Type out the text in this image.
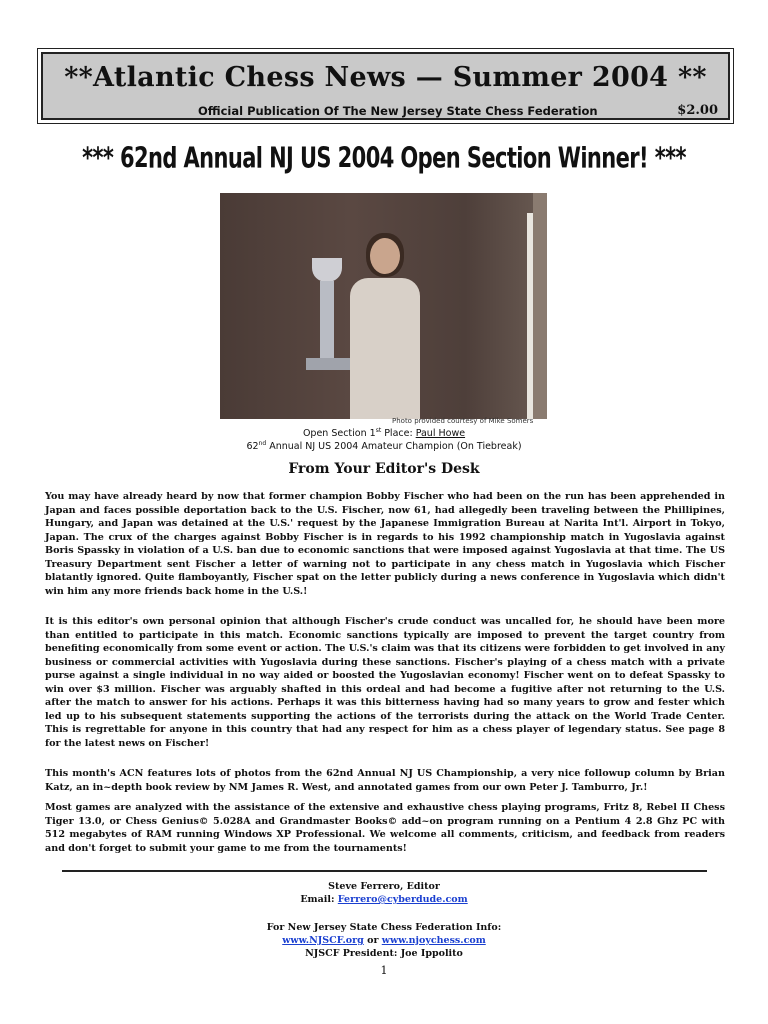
**Atlantic Chess News — Summer 2004 **
Official Publication Of The New Jersey State Chess Federation	$2.00
*** 62nd Annual NJ US 2004 Open Section Winner! ***
Photo provided courtesy of Mike Somers
Open Section 1st Place: Paul Howe
62nd Annual NJ US 2004 Amateur Champion (On Tiebreak)
From Your Editor's Desk
You may have already heard by now that former champion Bobby Fischer who had been on the run has been apprehended in Japan and faces possible deportation back to the U.S. Fischer, now 61, had allegedly been traveling between the Phillipines, Hungary, and Japan was detained at the U.S.' request by the Japanese Immigration Bureau at Narita Int'l. Airport in Tokyo, Japan. The crux of the charges against Bobby Fischer is in regards to his 1992 championship match in Yugoslavia against Boris Spassky in violation of a U.S. ban due to economic sanctions that were imposed against Yugoslavia at that time. The US Treasury Department sent Fischer a letter of warning not to participate in any chess match in Yugoslavia which Fischer blatantly ignored. Quite flamboyantly, Fischer spat on the letter publicly during a news conference in Yugoslavia which didn't win him any more friends back home in the U.S.!
It is this editor's own personal opinion that although Fischer's crude conduct was uncalled for, he should have been more than entitled to participate in this match. Economic sanctions typically are imposed to prevent the target country from benefiting economically from some event or action. The U.S.'s claim was that its citizens were forbidden to get involved in any business or commercial activities with Yugoslavia during these sanctions. Fischer's playing of a chess match with a private purse against a single individual in no way aided or boosted the Yugoslavian economy! Fischer went on to defeat Spassky to win over $3 million. Fischer was arguably shafted in this ordeal and had become a fugitive after not returning to the U.S. after the match to answer for his actions. Perhaps it was this bitterness having had so many years to grow and fester which led up to his subsequent statements supporting the actions of the terrorists during the attack on the World Trade Center. This is regrettable for anyone in this country that had any respect for him as a chess player of legendary status. See page 8 for the latest news on Fischer!
This month's ACN features lots of photos from the 62nd Annual NJ US Championship, a very nice followup column by Brian Katz, an in~depth book review by NM James R. West, and annotated games from our own Peter J. Tamburro, Jr.!
Most games are analyzed with the assistance of the extensive and exhaustive chess playing programs, Fritz 8, Rebel II Chess Tiger 13.0, or Chess Genius© 5.028A and Grandmaster Books© add~on program running on a Pentium 4 2.8 Ghz PC with 512 megabytes of RAM running Windows XP Professional. We welcome all comments, criticism, and feedback from readers and don't forget to submit your game to me from the tournaments!
Steve Ferrero, Editor
Email: Ferrero@cyberdude.com
For New Jersey State Chess Federation Info:
www.NJSCF.org or www.njoychess.com
NJSCF President: Joe Ippolito
1
